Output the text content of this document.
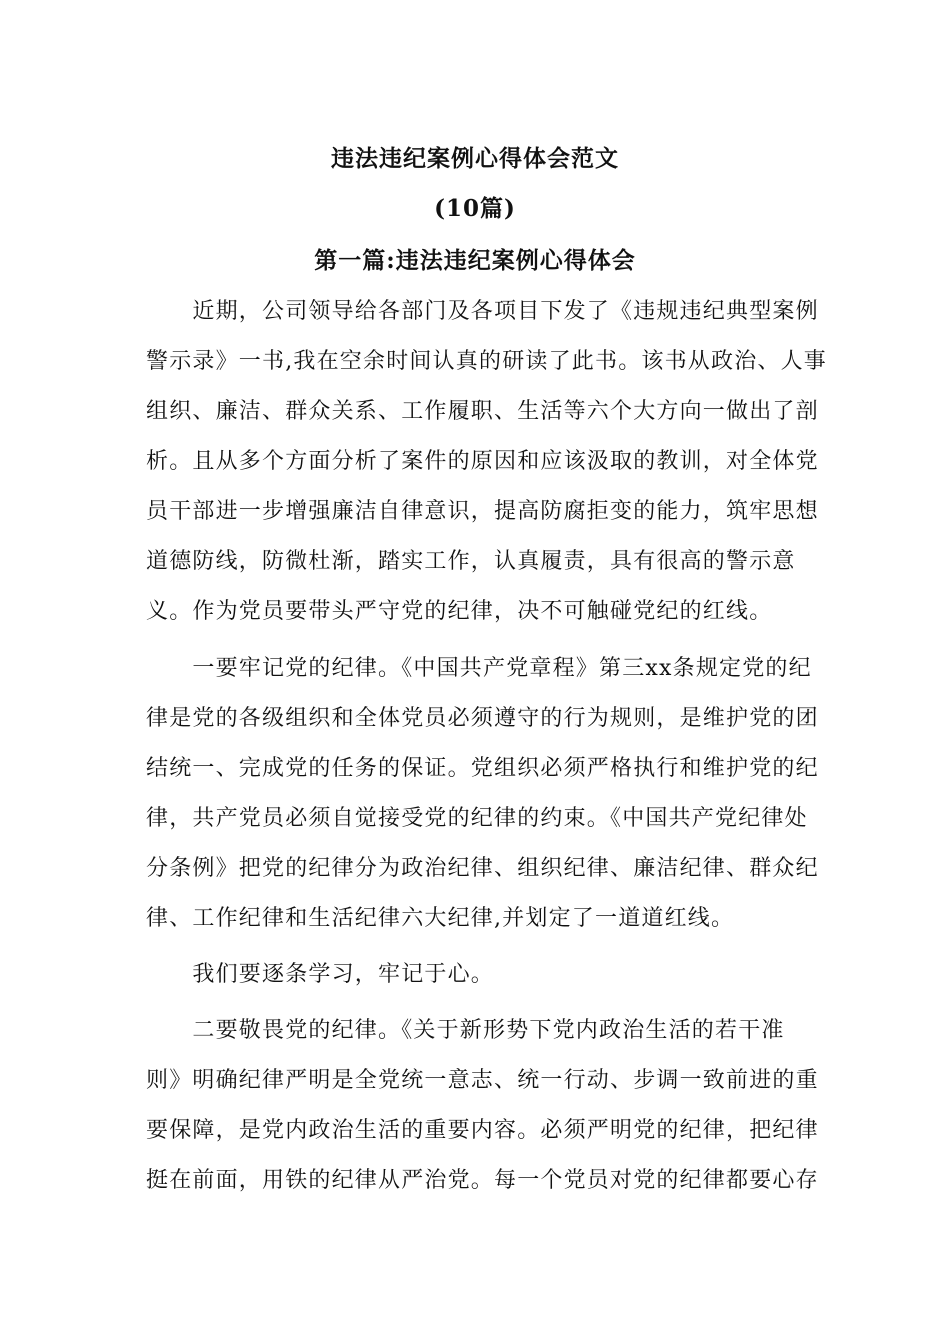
违法违纪案例心得体会范文
(10篇)
第一篇:违法违纪案例心得体会
　　近期，公司领导给各部门及各项目下发了《违规违纪典型案例
警示录》一书,我在空余时间认真的研读了此书。该书从政治、人事
组织、廉洁、群众关系、工作履职、生活等六个大方向一做出了剖
析。且从多个方面分析了案件的原因和应该汲取的教训，对全体党
员干部进一步增强廉洁自律意识，提高防腐拒变的能力，筑牢思想
道德防线，防微杜渐，踏实工作，认真履责，具有很高的警示意
义。作为党员要带头严守党的纪律，决不可触碰党纪的红线。
　　一要牢记党的纪律。《中国共产党章程》第三xx条规定党的纪
律是党的各级组织和全体党员必须遵守的行为规则，是维护党的团
结统一、完成党的任务的保证。党组织必须严格执行和维护党的纪
律，共产党员必须自觉接受党的纪律的约束。《中国共产党纪律处
分条例》把党的纪律分为政治纪律、组织纪律、廉洁纪律、群众纪
律、工作纪律和生活纪律六大纪律,并划定了一道道红线。
　　我们要逐条学习，牢记于心。
　　二要敬畏党的纪律。《关于新形势下党内政治生活的若干准
则》明确纪律严明是全党统一意志、统一行动、步调一致前进的重
要保障，是党内政治生活的重要内容。必须严明党的纪律，把纪律
挺在前面，用铁的纪律从严治党。每一个党员对党的纪律都要心存
